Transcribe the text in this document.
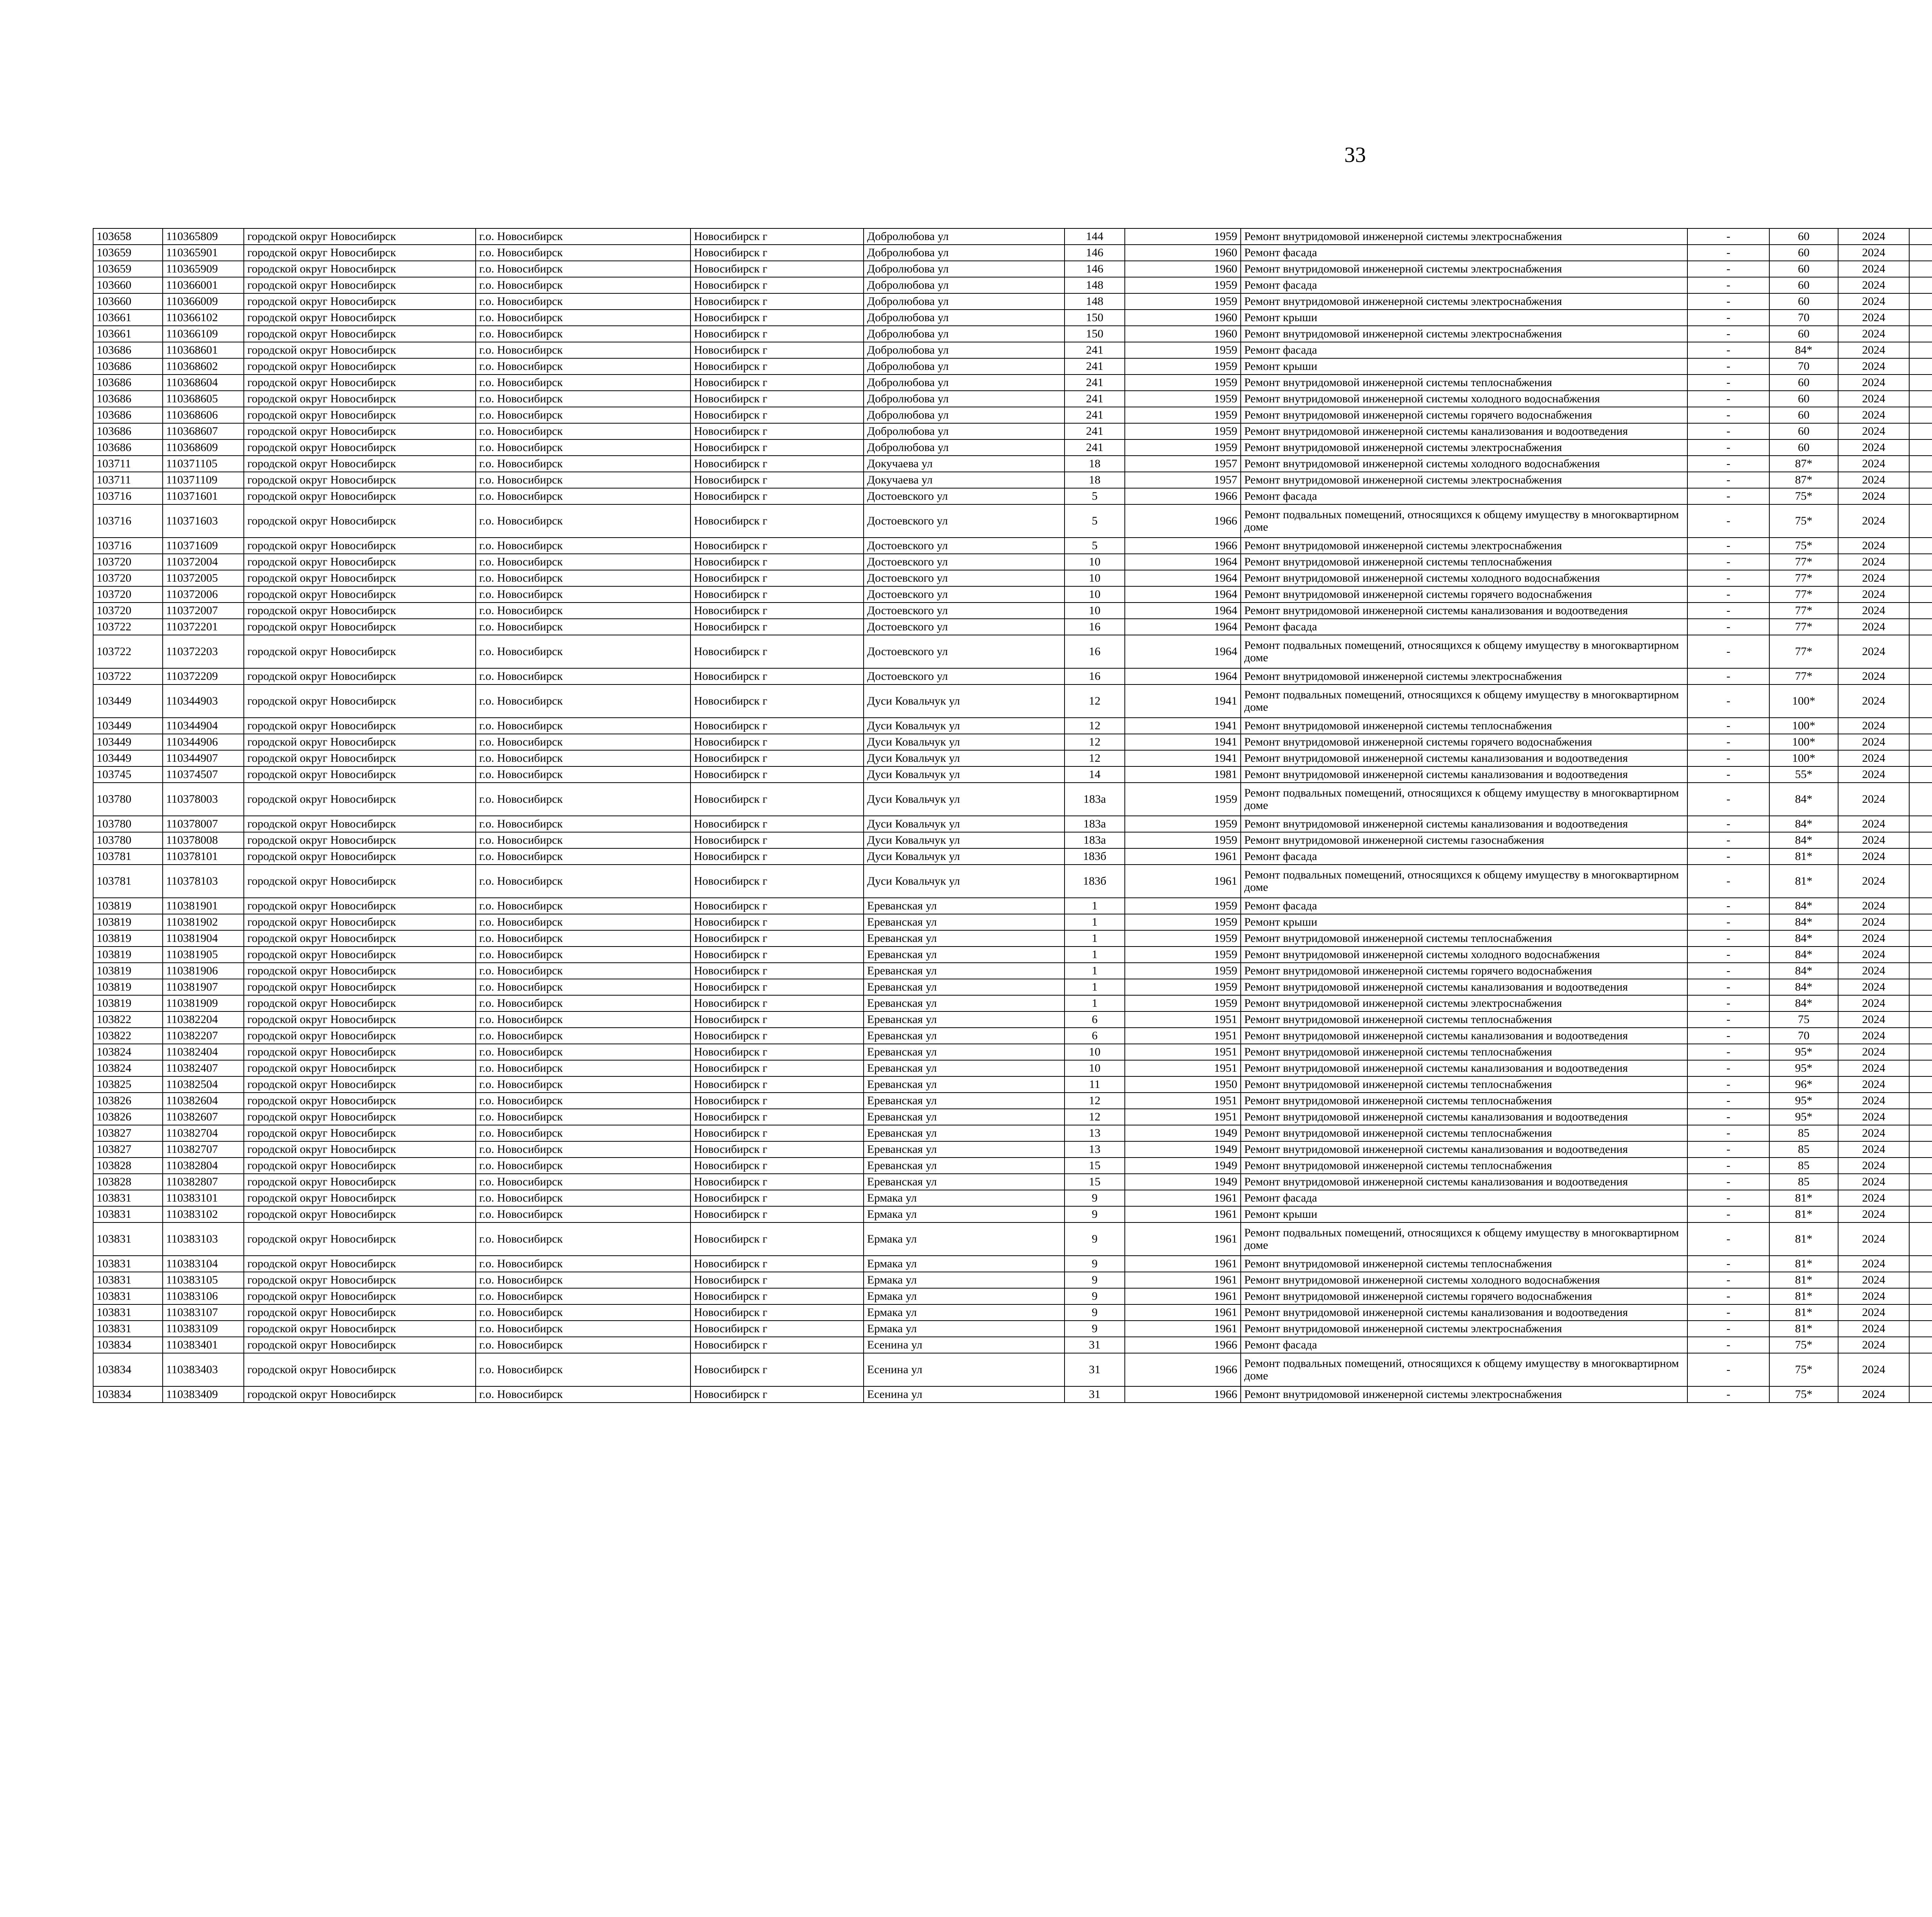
33
103658	110365809	городской округ Новосибирск	г.о. Новосибирск	Новосибирск г	Добролюбова ул	144	1959	Ремонт внутридомовой инженерной системы электроснабжения	-	60	2024						
103659	110365901	городской округ Новосибирск	г.о. Новосибирск	Новосибирск г	Добролюбова ул	146	1960	Ремонт фасада	-	60	2024						
103659	110365909	городской округ Новосибирск	г.о. Новосибирск	Новосибирск г	Добролюбова ул	146	1960	Ремонт внутридомовой инженерной системы электроснабжения	-	60	2024						
103660	110366001	городской округ Новосибирск	г.о. Новосибирск	Новосибирск г	Добролюбова ул	148	1959	Ремонт фасада	-	60	2024						
103660	110366009	городской округ Новосибирск	г.о. Новосибирск	Новосибирск г	Добролюбова ул	148	1959	Ремонт внутридомовой инженерной системы электроснабжения	-	60	2024						
103661	110366102	городской округ Новосибирск	г.о. Новосибирск	Новосибирск г	Добролюбова ул	150	1960	Ремонт крыши	-	70	2024						
103661	110366109	городской округ Новосибирск	г.о. Новосибирск	Новосибирск г	Добролюбова ул	150	1960	Ремонт внутридомовой инженерной системы электроснабжения	-	60	2024						
103686	110368601	городской округ Новосибирск	г.о. Новосибирск	Новосибирск г	Добролюбова ул	241	1959	Ремонт фасада	-	84*	2024						
103686	110368602	городской округ Новосибирск	г.о. Новосибирск	Новосибирск г	Добролюбова ул	241	1959	Ремонт крыши	-	70	2024						
103686	110368604	городской округ Новосибирск	г.о. Новосибирск	Новосибирск г	Добролюбова ул	241	1959	Ремонт внутридомовой инженерной системы теплоснабжения	-	60	2024						
103686	110368605	городской округ Новосибирск	г.о. Новосибирск	Новосибирск г	Добролюбова ул	241	1959	Ремонт внутридомовой инженерной системы холодного водоснабжения	-	60	2024						
103686	110368606	городской округ Новосибирск	г.о. Новосибирск	Новосибирск г	Добролюбова ул	241	1959	Ремонт внутридомовой инженерной системы горячего водоснабжения	-	60	2024						
103686	110368607	городской округ Новосибирск	г.о. Новосибирск	Новосибирск г	Добролюбова ул	241	1959	Ремонт внутридомовой инженерной системы канализования и водоотведения	-	60	2024						
103686	110368609	городской округ Новосибирск	г.о. Новосибирск	Новосибирск г	Добролюбова ул	241	1959	Ремонт внутридомовой инженерной системы электроснабжения	-	60	2024						
103711	110371105	городской округ Новосибирск	г.о. Новосибирск	Новосибирск г	Докучаева ул	18	1957	Ремонт внутридомовой инженерной системы холодного водоснабжения	-	87*	2024						
103711	110371109	городской округ Новосибирск	г.о. Новосибирск	Новосибирск г	Докучаева ул	18	1957	Ремонт внутридомовой инженерной системы электроснабжения	-	87*	2024						
103716	110371601	городской округ Новосибирск	г.о. Новосибирск	Новосибирск г	Достоевского ул	5	1966	Ремонт фасада	-	75*	2024						
103716	110371603	городской округ Новосибирск	г.о. Новосибирск	Новосибирск г	Достоевского ул	5	1966	Ремонт подвальных помещений, относящихся к общему имуществу в многоквартирном доме	-	75*	2024						
103716	110371609	городской округ Новосибирск	г.о. Новосибирск	Новосибирск г	Достоевского ул	5	1966	Ремонт внутридомовой инженерной системы электроснабжения	-	75*	2024						
103720	110372004	городской округ Новосибирск	г.о. Новосибирск	Новосибирск г	Достоевского ул	10	1964	Ремонт внутридомовой инженерной системы теплоснабжения	-	77*	2024						
103720	110372005	городской округ Новосибирск	г.о. Новосибирск	Новосибирск г	Достоевского ул	10	1964	Ремонт внутридомовой инженерной системы холодного водоснабжения	-	77*	2024						
103720	110372006	городской округ Новосибирск	г.о. Новосибирск	Новосибирск г	Достоевского ул	10	1964	Ремонт внутридомовой инженерной системы горячего водоснабжения	-	77*	2024						
103720	110372007	городской округ Новосибирск	г.о. Новосибирск	Новосибирск г	Достоевского ул	10	1964	Ремонт внутридомовой инженерной системы канализования и водоотведения	-	77*	2024						
103722	110372201	городской округ Новосибирск	г.о. Новосибирск	Новосибирск г	Достоевского ул	16	1964	Ремонт фасада	-	77*	2024						
103722	110372203	городской округ Новосибирск	г.о. Новосибирск	Новосибирск г	Достоевского ул	16	1964	Ремонт подвальных помещений, относящихся к общему имуществу в многоквартирном доме	-	77*	2024						
103722	110372209	городской округ Новосибирск	г.о. Новосибирск	Новосибирск г	Достоевского ул	16	1964	Ремонт внутридомовой инженерной системы электроснабжения	-	77*	2024						
103449	110344903	городской округ Новосибирск	г.о. Новосибирск	Новосибирск г	Дуси Ковальчук ул	12	1941	Ремонт подвальных помещений, относящихся к общему имуществу в многоквартирном доме	-	100*	2024						
103449	110344904	городской округ Новосибирск	г.о. Новосибирск	Новосибирск г	Дуси Ковальчук ул	12	1941	Ремонт внутридомовой инженерной системы теплоснабжения	-	100*	2024						
103449	110344906	городской округ Новосибирск	г.о. Новосибирск	Новосибирск г	Дуси Ковальчук ул	12	1941	Ремонт внутридомовой инженерной системы горячего водоснабжения	-	100*	2024						
103449	110344907	городской округ Новосибирск	г.о. Новосибирск	Новосибирск г	Дуси Ковальчук ул	12	1941	Ремонт внутридомовой инженерной системы канализования и водоотведения	-	100*	2024						
103745	110374507	городской округ Новосибирск	г.о. Новосибирск	Новосибирск г	Дуси Ковальчук ул	14	1981	Ремонт внутридомовой инженерной системы канализования и водоотведения	-	55*	2024						
103780	110378003	городской округ Новосибирск	г.о. Новосибирск	Новосибирск г	Дуси Ковальчук ул	183а	1959	Ремонт подвальных помещений, относящихся к общему имуществу в многоквартирном доме	-	84*	2024						
103780	110378007	городской округ Новосибирск	г.о. Новосибирск	Новосибирск г	Дуси Ковальчук ул	183а	1959	Ремонт внутридомовой инженерной системы канализования и водоотведения	-	84*	2024						
103780	110378008	городской округ Новосибирск	г.о. Новосибирск	Новосибирск г	Дуси Ковальчук ул	183а	1959	Ремонт внутридомовой инженерной системы газоснабжения	-	84*	2024						
103781	110378101	городской округ Новосибирск	г.о. Новосибирск	Новосибирск г	Дуси Ковальчук ул	183б	1961	Ремонт фасада	-	81*	2024						
103781	110378103	городской округ Новосибирск	г.о. Новосибирск	Новосибирск г	Дуси Ковальчук ул	183б	1961	Ремонт подвальных помещений, относящихся к общему имуществу в многоквартирном доме	-	81*	2024						
103819	110381901	городской округ Новосибирск	г.о. Новосибирск	Новосибирск г	Ереванская ул	1	1959	Ремонт фасада	-	84*	2024						
103819	110381902	городской округ Новосибирск	г.о. Новосибирск	Новосибирск г	Ереванская ул	1	1959	Ремонт крыши	-	84*	2024						
103819	110381904	городской округ Новосибирск	г.о. Новосибирск	Новосибирск г	Ереванская ул	1	1959	Ремонт внутридомовой инженерной системы теплоснабжения	-	84*	2024						
103819	110381905	городской округ Новосибирск	г.о. Новосибирск	Новосибирск г	Ереванская ул	1	1959	Ремонт внутридомовой инженерной системы холодного водоснабжения	-	84*	2024						
103819	110381906	городской округ Новосибирск	г.о. Новосибирск	Новосибирск г	Ереванская ул	1	1959	Ремонт внутридомовой инженерной системы горячего водоснабжения	-	84*	2024						
103819	110381907	городской округ Новосибирск	г.о. Новосибирск	Новосибирск г	Ереванская ул	1	1959	Ремонт внутридомовой инженерной системы канализования и водоотведения	-	84*	2024						
103819	110381909	городской округ Новосибирск	г.о. Новосибирск	Новосибирск г	Ереванская ул	1	1959	Ремонт внутридомовой инженерной системы электроснабжения	-	84*	2024						
103822	110382204	городской округ Новосибирск	г.о. Новосибирск	Новосибирск г	Ереванская ул	6	1951	Ремонт внутридомовой инженерной системы теплоснабжения	-	75	2024						
103822	110382207	городской округ Новосибирск	г.о. Новосибирск	Новосибирск г	Ереванская ул	6	1951	Ремонт внутридомовой инженерной системы канализования и водоотведения	-	70	2024						
103824	110382404	городской округ Новосибирск	г.о. Новосибирск	Новосибирск г	Ереванская ул	10	1951	Ремонт внутридомовой инженерной системы теплоснабжения	-	95*	2024						
103824	110382407	городской округ Новосибирск	г.о. Новосибирск	Новосибирск г	Ереванская ул	10	1951	Ремонт внутридомовой инженерной системы канализования и водоотведения	-	95*	2024						
103825	110382504	городской округ Новосибирск	г.о. Новосибирск	Новосибирск г	Ереванская ул	11	1950	Ремонт внутридомовой инженерной системы теплоснабжения	-	96*	2024						
103826	110382604	городской округ Новосибирск	г.о. Новосибирск	Новосибирск г	Ереванская ул	12	1951	Ремонт внутридомовой инженерной системы теплоснабжения	-	95*	2024						
103826	110382607	городской округ Новосибирск	г.о. Новосибирск	Новосибирск г	Ереванская ул	12	1951	Ремонт внутридомовой инженерной системы канализования и водоотведения	-	95*	2024						
103827	110382704	городской округ Новосибирск	г.о. Новосибирск	Новосибирск г	Ереванская ул	13	1949	Ремонт внутридомовой инженерной системы теплоснабжения	-	85	2024						
103827	110382707	городской округ Новосибирск	г.о. Новосибирск	Новосибирск г	Ереванская ул	13	1949	Ремонт внутридомовой инженерной системы канализования и водоотведения	-	85	2024						
103828	110382804	городской округ Новосибирск	г.о. Новосибирск	Новосибирск г	Ереванская ул	15	1949	Ремонт внутридомовой инженерной системы теплоснабжения	-	85	2024						
103828	110382807	городской округ Новосибирск	г.о. Новосибирск	Новосибирск г	Ереванская ул	15	1949	Ремонт внутридомовой инженерной системы канализования и водоотведения	-	85	2024						
103831	110383101	городской округ Новосибирск	г.о. Новосибирск	Новосибирск г	Ермака ул	9	1961	Ремонт фасада	-	81*	2024						
103831	110383102	городской округ Новосибирск	г.о. Новосибирск	Новосибирск г	Ермака ул	9	1961	Ремонт крыши	-	81*	2024						
103831	110383103	городской округ Новосибирск	г.о. Новосибирск	Новосибирск г	Ермака ул	9	1961	Ремонт подвальных помещений, относящихся к общему имуществу в многоквартирном доме	-	81*	2024						
103831	110383104	городской округ Новосибирск	г.о. Новосибирск	Новосибирск г	Ермака ул	9	1961	Ремонт внутридомовой инженерной системы теплоснабжения	-	81*	2024						
103831	110383105	городской округ Новосибирск	г.о. Новосибирск	Новосибирск г	Ермака ул	9	1961	Ремонт внутридомовой инженерной системы холодного водоснабжения	-	81*	2024						
103831	110383106	городской округ Новосибирск	г.о. Новосибирск	Новосибирск г	Ермака ул	9	1961	Ремонт внутридомовой инженерной системы горячего водоснабжения	-	81*	2024						
103831	110383107	городской округ Новосибирск	г.о. Новосибирск	Новосибирск г	Ермака ул	9	1961	Ремонт внутридомовой инженерной системы канализования и водоотведения	-	81*	2024						
103831	110383109	городской округ Новосибирск	г.о. Новосибирск	Новосибирск г	Ермака ул	9	1961	Ремонт внутридомовой инженерной системы электроснабжения	-	81*	2024						
103834	110383401	городской округ Новосибирск	г.о. Новосибирск	Новосибирск г	Есенина ул	31	1966	Ремонт фасада	-	75*	2024						
103834	110383403	городской округ Новосибирск	г.о. Новосибирск	Новосибирск г	Есенина ул	31	1966	Ремонт подвальных помещений, относящихся к общему имуществу в многоквартирном доме	-	75*	2024						
103834	110383409	городской округ Новосибирск	г.о. Новосибирск	Новосибирск г	Есенина ул	31	1966	Ремонт внутридомовой инженерной системы электроснабжения	-	75*	2024						
